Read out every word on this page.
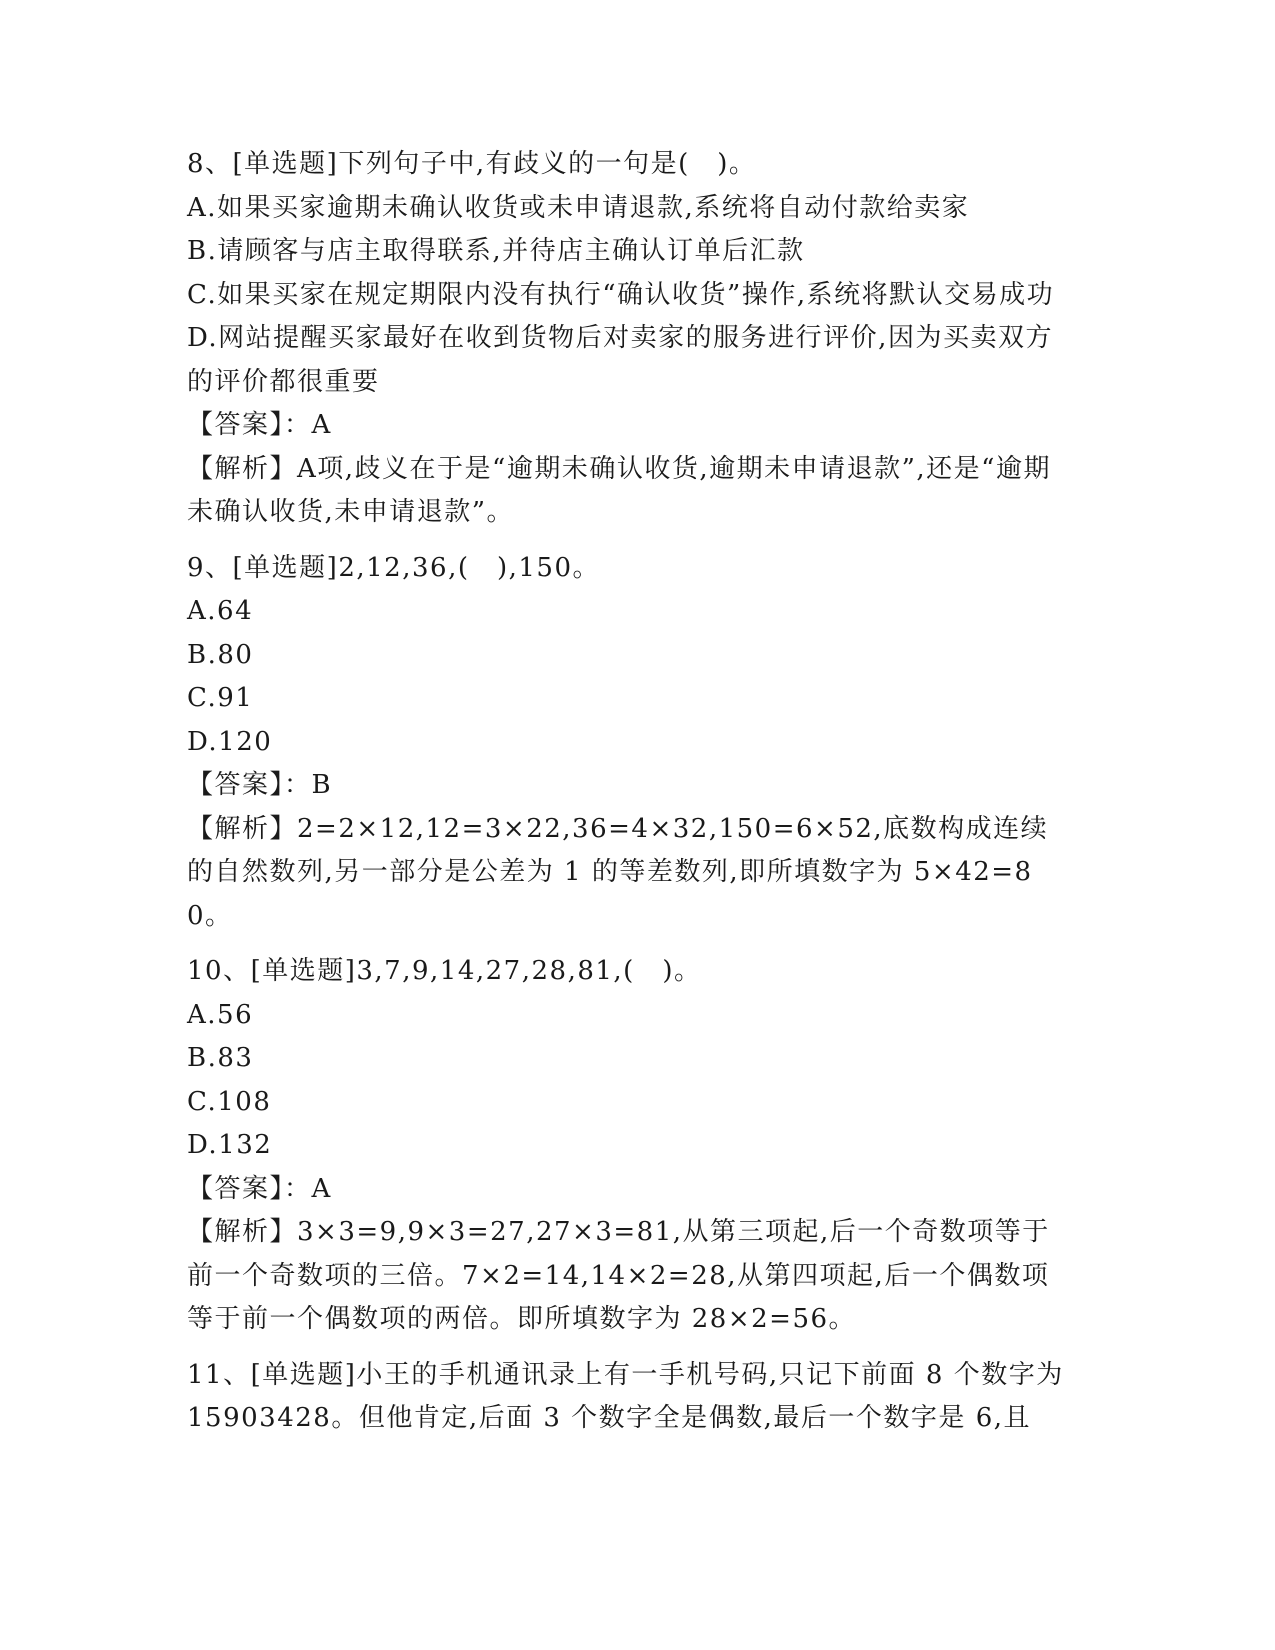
8、[单选题]下列句子中,有歧义的一句是(　)。
A.如果买家逾期未确认收货或未申请退款,系统将自动付款给卖家
B.请顾客与店主取得联系,并待店主确认订单后汇款
C.如果买家在规定期限内没有执行“确认收货”操作,系统将默认交易成功
D.网站提醒买家最好在收到货物后对卖家的服务进行评价,因为买卖双方的评价都很重要
【答案】：A
【解析】A项,歧义在于是“逾期未确认收货,逾期未申请退款”,还是“逾期未确认收货,未申请退款”。
9、[单选题]2,12,36,(　),150。
A.64
B.80
C.91
D.120
【答案】：B
【解析】2=2×12,12=3×22,36=4×32,150=6×52,底数构成连续的自然数列,另一部分是公差为 1 的等差数列,即所填数字为 5×42=80。
10、[单选题]3,7,9,14,27,28,81,(　)。
A.56
B.83
C.108
D.132
【答案】：A
【解析】3×3=9,9×3=27,27×3=81,从第三项起,后一个奇数项等于前一个奇数项的三倍。7×2=14,14×2=28,从第四项起,后一个偶数项等于前一个偶数项的两倍。即所填数字为 28×2=56。
11、[单选题]小王的手机通讯录上有一手机号码,只记下前面 8 个数字为 15903428。但他肯定,后面 3 个数字全是偶数,最后一个数字是 6,且
